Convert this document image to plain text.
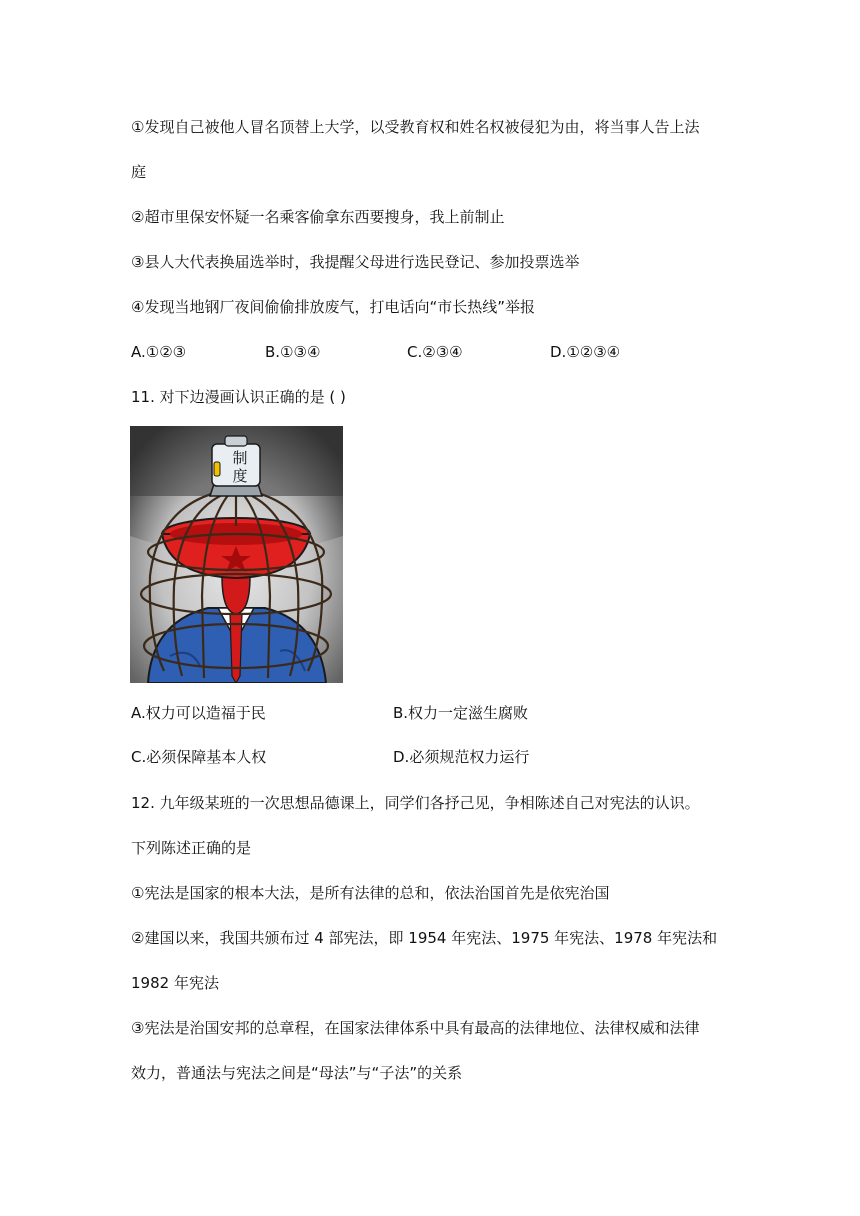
①发现自己被他人冒名顶替上大学，以受教育权和姓名权被侵犯为由，将当事人告上法
庭
②超市里保安怀疑一名乘客偷拿东西要搜身，我上前制止
③县人大代表换届选举时，我提醒父母进行选民登记、参加投票选举
④发现当地钢厂夜间偷偷排放废气，打电话向“市长热线”举报
A.①②③	B.①③④	C.②③④	D.①②③④
11. 对下边漫画认识正确的是 ( )
制
度
A.权力可以造福于民	B.权力一定滋生腐败
C.必须保障基本人权	D.必须规范权力运行
12. 九年级某班的一次思想品德课上，同学们各抒己见，争相陈述自己对宪法的认识。
下列陈述正确的是
①宪法是国家的根本大法，是所有法律的总和，依法治国首先是依宪治国
②建国以来，我国共颁布过 4 部宪法，即 1954 年宪法、1975 年宪法、1978 年宪法和
1982 年宪法
③宪法是治国安邦的总章程，在国家法律体系中具有最高的法律地位、法律权威和法律
效力，普通法与宪法之间是“母法”与“子法”的关系
